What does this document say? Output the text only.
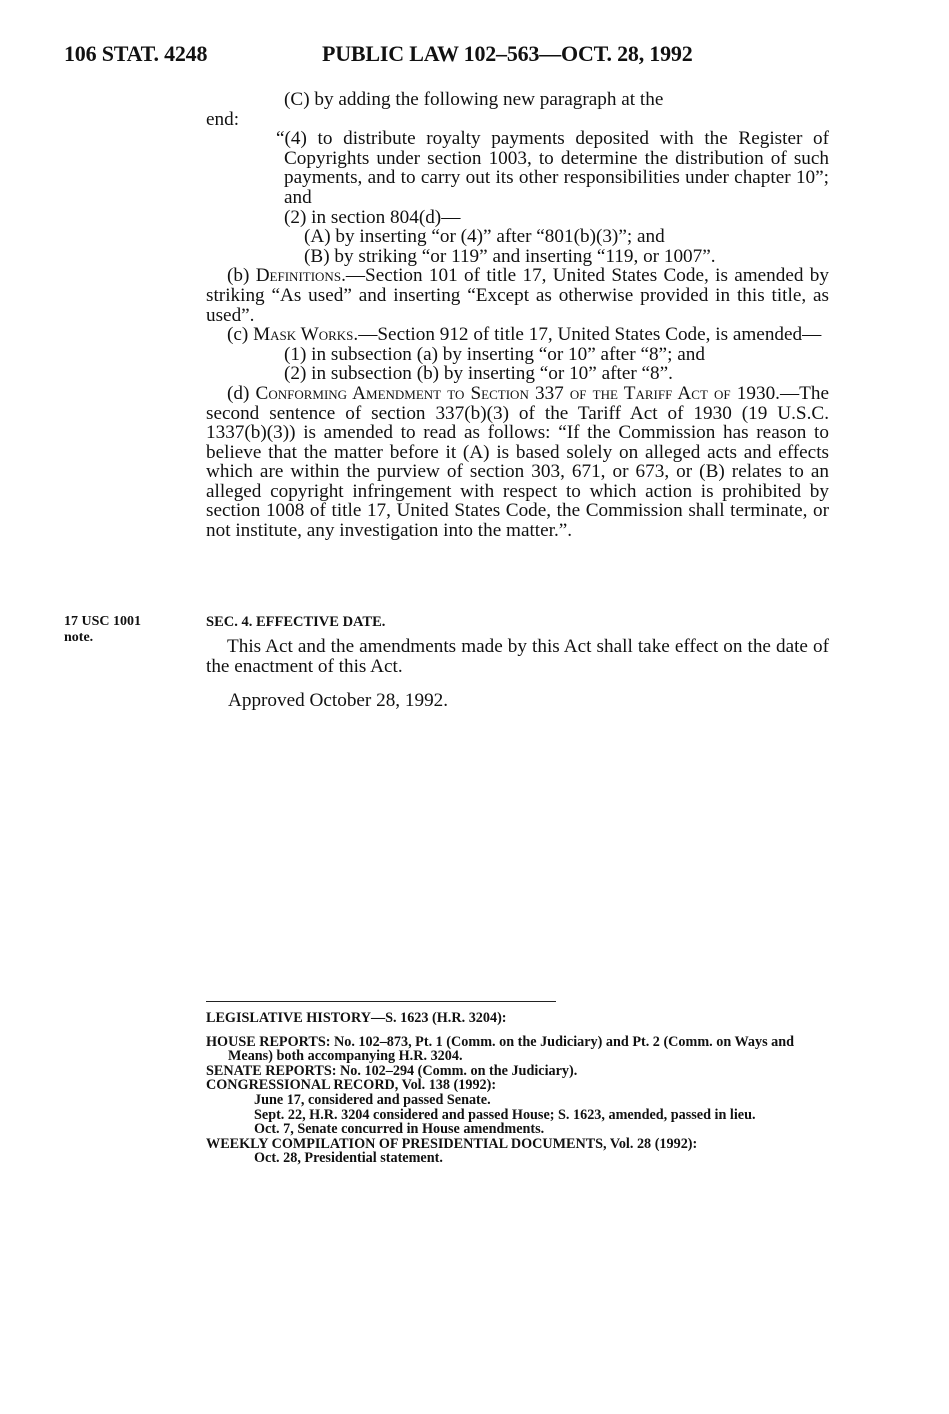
106 STAT. 4248	PUBLIC LAW 102–563—OCT. 28, 1992

(C) by adding the following new paragraph at the
end:

“(4) to distribute royalty payments deposited with the Register of Copyrights under section 1003, to determine the distribution of such payments, and to carry out its other responsibilities under chapter 10”; and

(2) in section 804(d)—

(A) by inserting “or (4)” after “801(b)(3)”; and

(B) by striking “or 119” and inserting “119, or 1007”.

(b) Definitions.—Section 101 of title 17, United States Code, is amended by striking “As used” and inserting “Except as otherwise provided in this title, as used”.

(c) Mask Works.—Section 912 of title 17, United States Code, is amended—

(1) in subsection (a) by inserting “or 10” after “8”; and

(2) in subsection (b) by inserting “or 10” after “8”.

(d) Conforming Amendment to Section 337 of the Tariff Act of 1930.—The second sentence of section 337(b)(3) of the Tariff Act of 1930 (19 U.S.C. 1337(b)(3)) is amended to read as follows: “If the Commission has reason to believe that the matter before it (A) is based solely on alleged acts and effects which are within the purview of section 303, 671, or 673, or (B) relates to an alleged copyright infringement with respect to which action is prohibited by section 1008 of title 17, United States Code, the Commission shall terminate, or not institute, any investigation into the matter.”.

17 USC 1001
note.
SEC. 4. EFFECTIVE DATE.

This Act and the amendments made by this Act shall take effect on the date of the enactment of this Act.

Approved October 28, 1992.

LEGISLATIVE HISTORY—S. 1623 (H.R. 3204):

HOUSE REPORTS: No. 102–873, Pt. 1 (Comm. on the Judiciary) and Pt. 2 (Comm. on Ways and Means) both accompanying H.R. 3204.

SENATE REPORTS: No. 102–294 (Comm. on the Judiciary).

CONGRESSIONAL RECORD, Vol. 138 (1992):

June 17, considered and passed Senate.

Sept. 22, H.R. 3204 considered and passed House; S. 1623, amended, passed in lieu.

Oct. 7, Senate concurred in House amendments.

WEEKLY COMPILATION OF PRESIDENTIAL DOCUMENTS, Vol. 28 (1992):

Oct. 28, Presidential statement.
